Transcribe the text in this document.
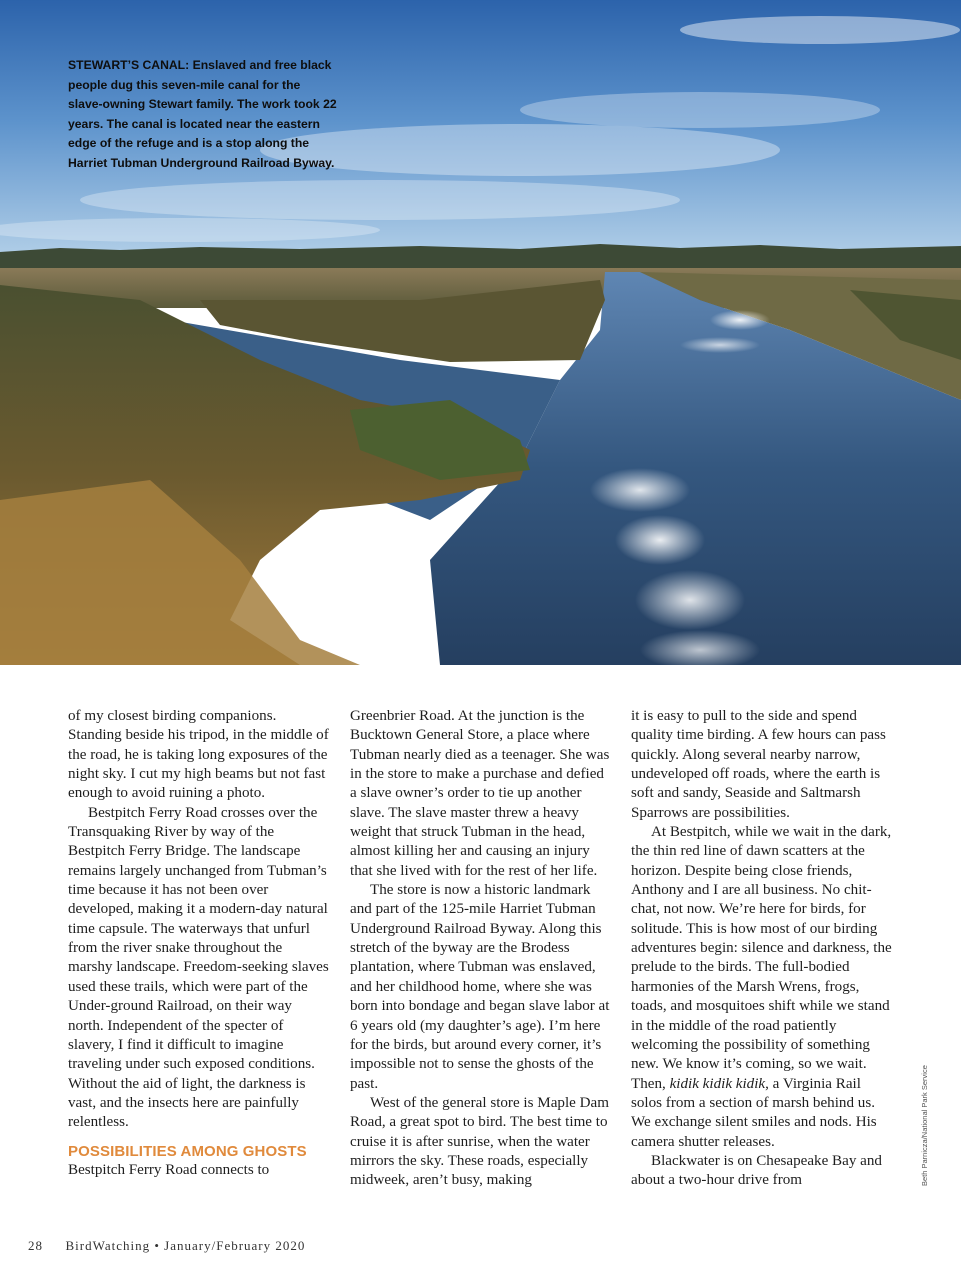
STEWART’S CANAL: Enslaved and free black people dug this seven-mile canal for the slave-owning Stewart family. The work took 22 years. The canal is located near the eastern edge of the refuge and is a stop along the Harriet Tubman Underground Railroad Byway.

of my closest birding companions. Standing beside his tripod, in the middle of the road, he is taking long exposures of the night sky. I cut my high beams but not fast enough to avoid ruining a photo.

Bestpitch Ferry Road crosses over the Transquaking River by way of the Bestpitch Ferry Bridge. The landscape remains largely unchanged from Tubman’s time because it has not been over developed, making it a modern-day natural time capsule. The waterways that unfurl from the river snake throughout the marshy landscape. Freedom-seeking slaves used these trails, which were part of the Under-ground Railroad, on their way north. Independent of the specter of slavery, I find it difficult to imagine traveling under such exposed conditions. Without the aid of light, the darkness is vast, and the insects here are painfully relentless.

POSSIBILITIES AMONG GHOSTS

Bestpitch Ferry Road connects to

Greenbrier Road. At the junction is the Bucktown General Store, a place where Tubman nearly died as a teenager. She was in the store to make a purchase and defied a slave owner’s order to tie up another slave. The slave master threw a heavy weight that struck Tubman in the head, almost killing her and causing an injury that she lived with for the rest of her life.

The store is now a historic landmark and part of the 125-mile Harriet Tubman Underground Railroad Byway. Along this stretch of the byway are the Brodess plantation, where Tubman was enslaved, and her childhood home, where she was born into bondage and began slave labor at 6 years old (my daughter’s age). I’m here for the birds, but around every corner, it’s impossible not to sense the ghosts of the past.

West of the general store is Maple Dam Road, a great spot to bird. The best time to cruise it is after sunrise, when the water mirrors the sky. These roads, especially midweek, aren’t busy, making

it is easy to pull to the side and spend quality time birding. A few hours can pass quickly. Along several nearby narrow, undeveloped off roads, where the earth is soft and sandy, Seaside and Saltmarsh Sparrows are possibilities.

At Bestpitch, while we wait in the dark, the thin red line of dawn scatters at the horizon. Despite being close friends, Anthony and I are all business. No chit-chat, not now. We’re here for birds, for solitude. This is how most of our birding adventures begin: silence and darkness, the prelude to the birds. The full-bodied harmonies of the Marsh Wrens, frogs, toads, and mosquitoes shift while we stand in the middle of the road patiently welcoming the possibility of something new. We know it’s coming, so we wait. Then, kidik kidik kidik, a Virginia Rail solos from a section of marsh behind us. We exchange silent smiles and nods. His camera shutter releases.

Blackwater is on Chesapeake Bay and about a two-hour drive from	Beth Parnicza/National Park Service
28 BirdWatching • January/February 2020
